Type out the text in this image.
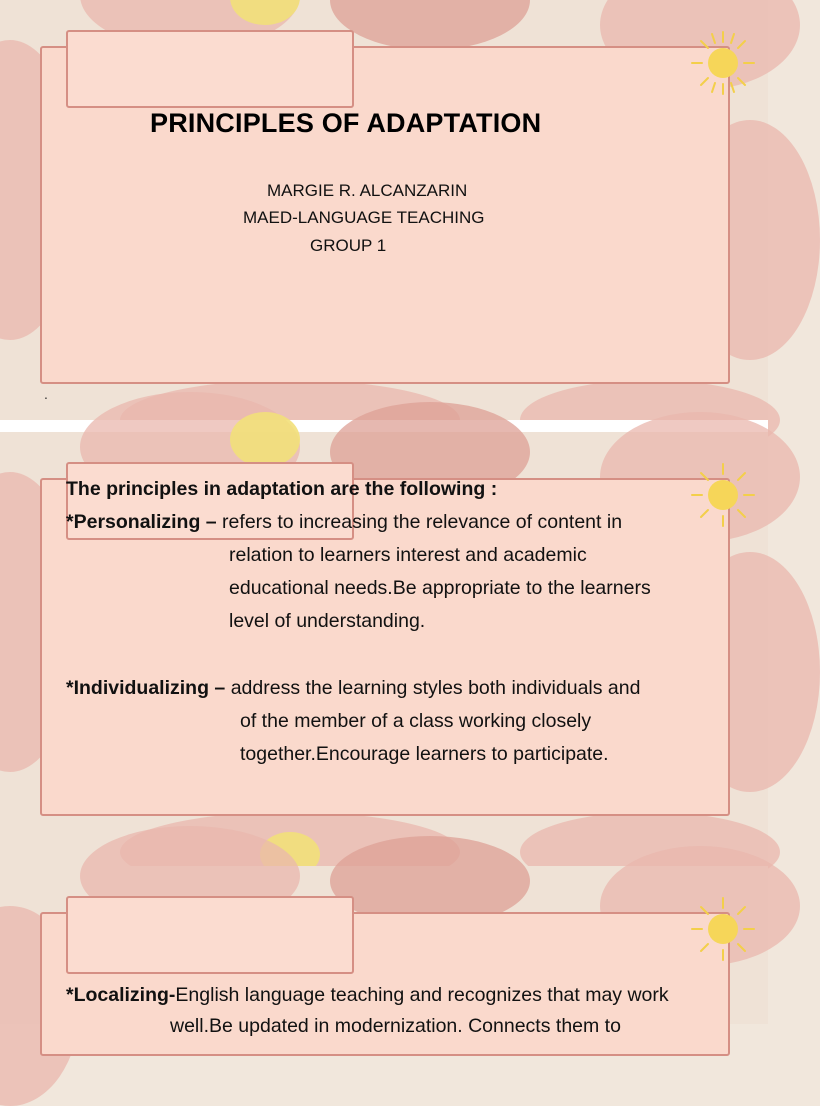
PRINCIPLES OF ADAPTATION
MARGIE R. ALCANZARIN
MAED-LANGUAGE TEACHING
GROUP 1
.
The principles in adaptation are the following :
*Personalizing – refers to increasing the relevance of content in
relation to learners interest and academic
educational needs.Be appropriate to the learners
level of understanding.
*Individualizing – address the learning styles both individuals and
of the member of a class working closely
together.Encourage learners to participate.
*Localizing-English language teaching and recognizes that may work
well.Be updated in modernization. Connects them to
